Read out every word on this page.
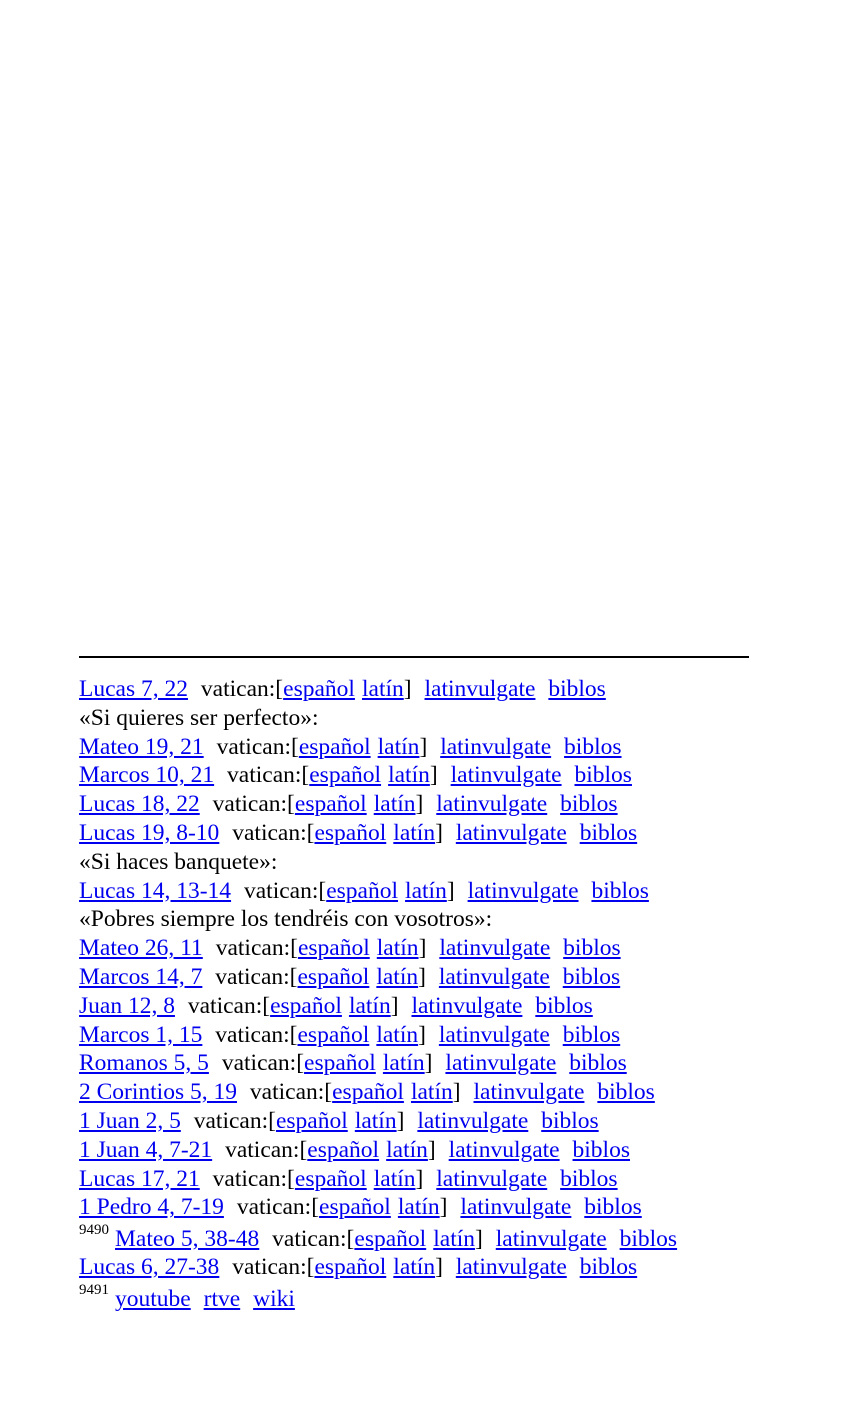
Lucas 7, 22 vatican:[español latín] latinvulgate biblos
«Si quieres ser perfecto»:
Mateo 19, 21 vatican:[español latín] latinvulgate biblos
Marcos 10, 21 vatican:[español latín] latinvulgate biblos
Lucas 18, 22 vatican:[español latín] latinvulgate biblos
Lucas 19, 8-10 vatican:[español latín] latinvulgate biblos
«Si haces banquete»:
Lucas 14, 13-14 vatican:[español latín] latinvulgate biblos
«Pobres siempre los tendréis con vosotros»:
Mateo 26, 11 vatican:[español latín] latinvulgate biblos
Marcos 14, 7 vatican:[español latín] latinvulgate biblos
Juan 12, 8 vatican:[español latín] latinvulgate biblos
Marcos 1, 15 vatican:[español latín] latinvulgate biblos
Romanos 5, 5 vatican:[español latín] latinvulgate biblos
2 Corintios 5, 19 vatican:[español latín] latinvulgate biblos
1 Juan 2, 5 vatican:[español latín] latinvulgate biblos
1 Juan 4, 7-21 vatican:[español latín] latinvulgate biblos
Lucas 17, 21 vatican:[español latín] latinvulgate biblos
1 Pedro 4, 7-19 vatican:[español latín] latinvulgate biblos
$^{9490}$ Mateo 5, 38-48 vatican:[español latín] latinvulgate biblos
Lucas 6, 27-38 vatican:[español latín] latinvulgate biblos
$^{9491}$ youtube rtve wiki
